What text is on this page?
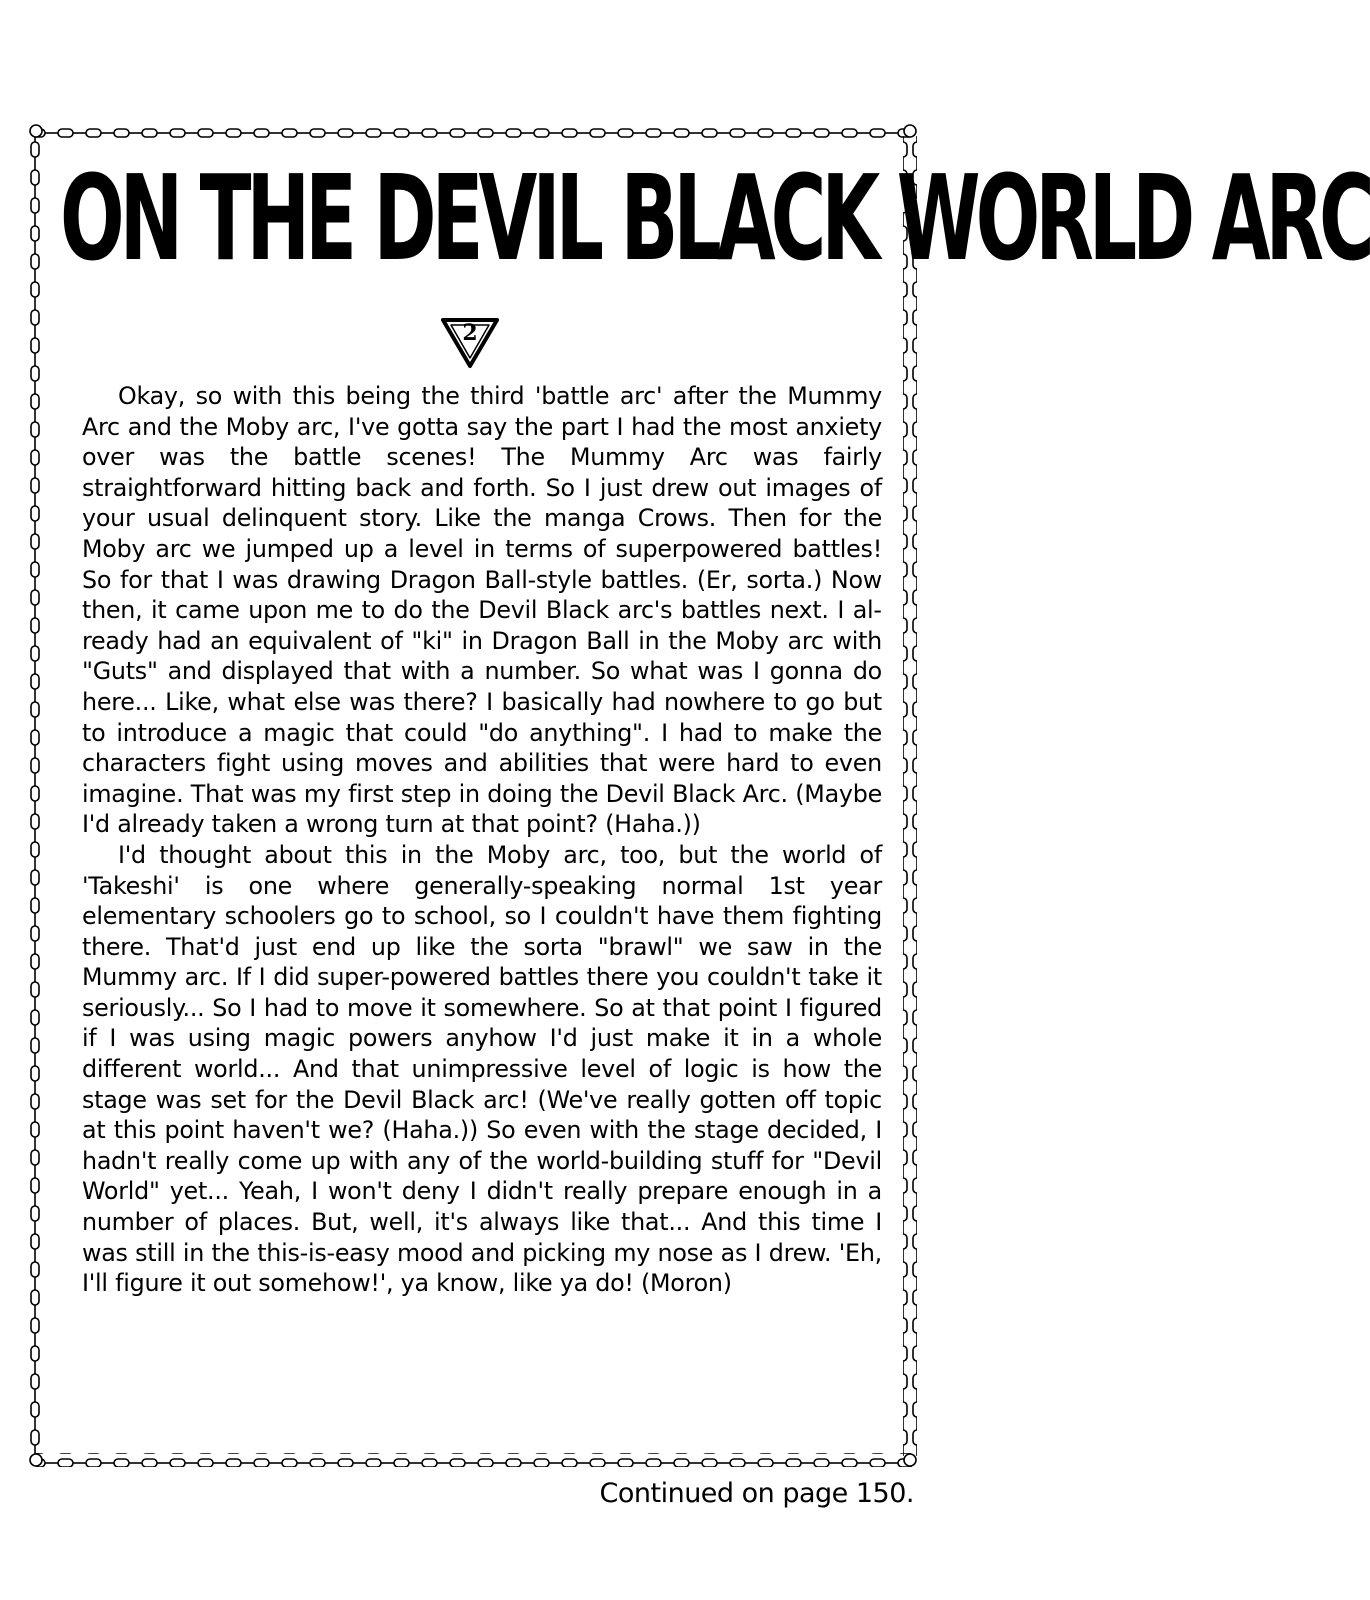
ON THE DEVIL BLACK WORLD ARC
2

Okay, so with this being the third 'battle arc' after the Mummy Arc and the Moby arc, I've gotta say the part I had the most anxiety over was the battle scenes! The Mummy Arc was fairly straightforward hitting back and forth. So I just drew out images of your usual delinquent story. Like the manga Crows. Then for the Moby arc we jumped up a level in terms of superpowered battles! So for that I was drawing Dragon Ball-style battles. (Er, sorta.) Now then, it came upon me to do the Devil Black arc's battles next. I already had an equivalent of "ki" in Dragon Ball in the Moby arc with "Guts" and displayed that with a number. So what was I gonna do here... Like, what else was there? I basically had nowhere to go but to introduce a magic that could "do anything". I had to make the characters fight using moves and abilities that were hard to even imagine. That was my first step in doing the Devil Black Arc. (Maybe I'd already taken a wrong turn at that point? (Haha.))

I'd thought about this in the Moby arc, too, but the world of 'Takeshi' is one where generally-speaking normal 1st year elementary schoolers go to school, so I couldn't have them fighting there. That'd just end up like the sorta "brawl" we saw in the Mummy arc. If I did super-powered battles there you couldn't take it seriously... So I had to move it somewhere. So at that point I figured if I was using magic powers anyhow I'd just make it in a whole different world... And that unimpressive level of logic is how the stage was set for the Devil Black arc! (We've really gotten off topic at this point haven't we? (Haha.)) So even with the stage decided, I hadn't really come up with any of the world-building stuff for "Devil World" yet... Yeah, I won't deny I didn't really prepare enough in a number of places. But, well, it's always like that... And this time I was still in the this-is-easy mood and picking my nose as I drew. 'Eh, I'll figure it out somehow!', ya know, like ya do! (Moron)

Continued on page 150.
